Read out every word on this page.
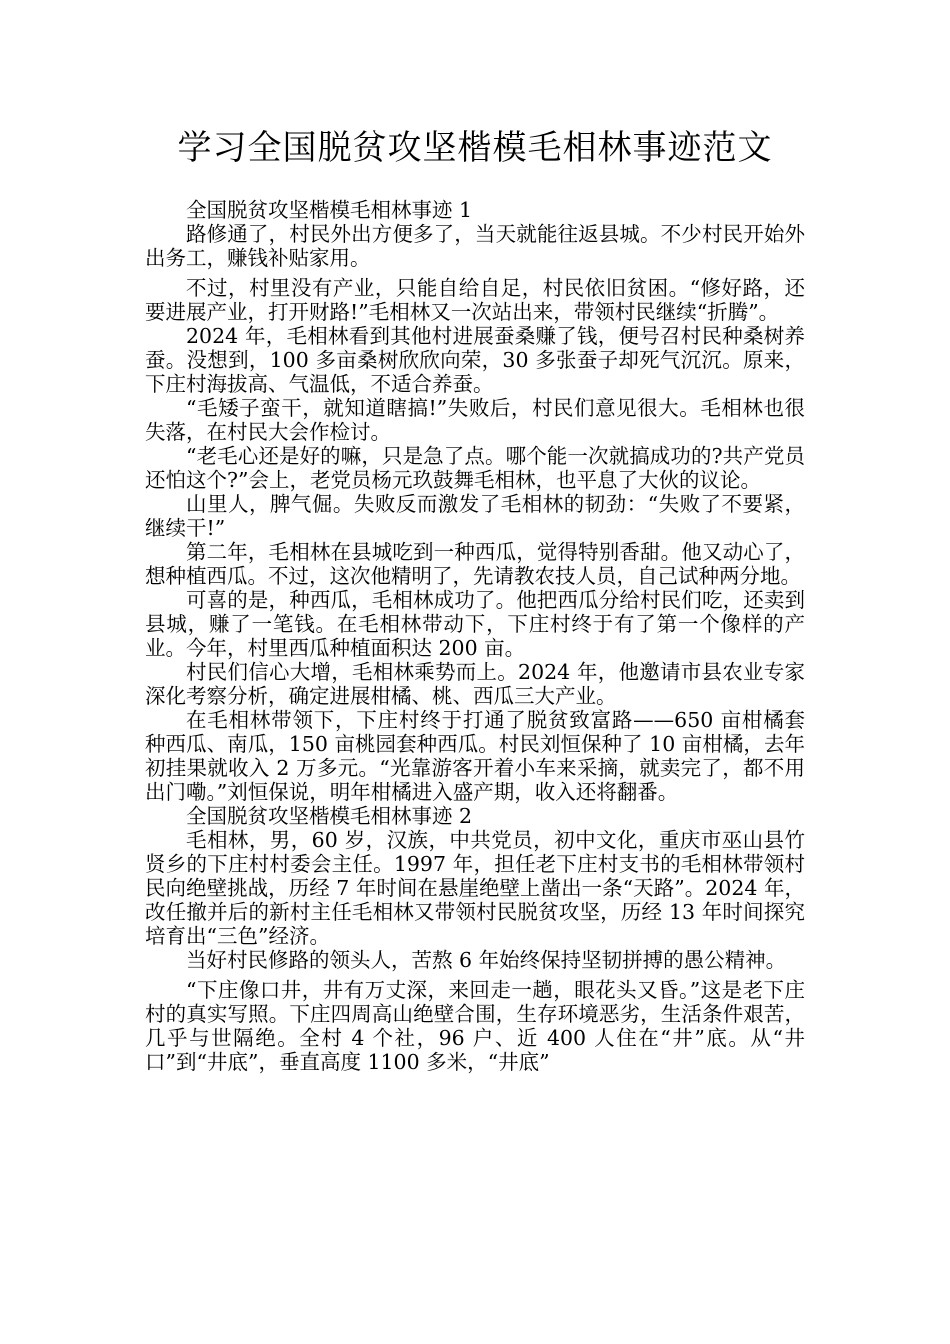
学习全国脱贫攻坚楷模毛相林事迹范文

全国脱贫攻坚楷模毛相林事迹 1

路修通了，村民外出方便多了，当天就能往返县城。不少村民开始外出务工，赚钱补贴家用。

不过，村里没有产业，只能自给自足，村民依旧贫困。“修好路，还要进展产业，打开财路!”毛相林又一次站出来，带领村民继续“折腾”。

2024 年，毛相林看到其他村进展蚕桑赚了钱，便号召村民种桑树养蚕。没想到，100 多亩桑树欣欣向荣，30 多张蚕子却死气沉沉。原来，下庄村海拔高、气温低，不适合养蚕。

“毛矮子蛮干，就知道瞎搞!”失败后，村民们意见很大。毛相林也很失落，在村民大会作检讨。

“老毛心还是好的嘛，只是急了点。哪个能一次就搞成功的?共产党员还怕这个?”会上，老党员杨元玖鼓舞毛相林，也平息了大伙的议论。

山里人，脾气倔。失败反而激发了毛相林的韧劲：“失败了不要紧，继续干!”

第二年，毛相林在县城吃到一种西瓜，觉得特别香甜。他又动心了，想种植西瓜。不过，这次他精明了，先请教农技人员，自己试种两分地。

可喜的是，种西瓜，毛相林成功了。他把西瓜分给村民们吃，还卖到县城，赚了一笔钱。在毛相林带动下，下庄村终于有了第一个像样的产业。今年，村里西瓜种植面积达 200 亩。

村民们信心大增，毛相林乘势而上。2024 年，他邀请市县农业专家深化考察分析，确定进展柑橘、桃、西瓜三大产业。

在毛相林带领下，下庄村终于打通了脱贫致富路——650 亩柑橘套种西瓜、南瓜，150 亩桃园套种西瓜。村民刘恒保种了 10 亩柑橘，去年初挂果就收入 2 万多元。“光靠游客开着小车来采摘，就卖完了，都不用出门嘞。”刘恒保说，明年柑橘进入盛产期，收入还将翻番。

全国脱贫攻坚楷模毛相林事迹 2

毛相林，男，60 岁，汉族，中共党员，初中文化，重庆市巫山县竹贤乡的下庄村村委会主任。1997 年，担任老下庄村支书的毛相林带领村民向绝壁挑战，历经 7 年时间在悬崖绝壁上凿出一条“天路”。2024 年，改任撤并后的新村主任毛相林又带领村民脱贫攻坚，历经 13 年时间探究培育出“三色”经济。

当好村民修路的领头人，苦熬 6 年始终保持坚韧拼搏的愚公精神。

“下庄像口井，井有万丈深，来回走一趟，眼花头又昏。”这是老下庄村的真实写照。下庄四周高山绝壁合围，生存环境恶劣，生活条件艰苦，几乎与世隔绝。全村 4 个社，96 户、近 400 人住在“井”底。从“井口”到“井底”，垂直高度 1100 多米，“井底”
